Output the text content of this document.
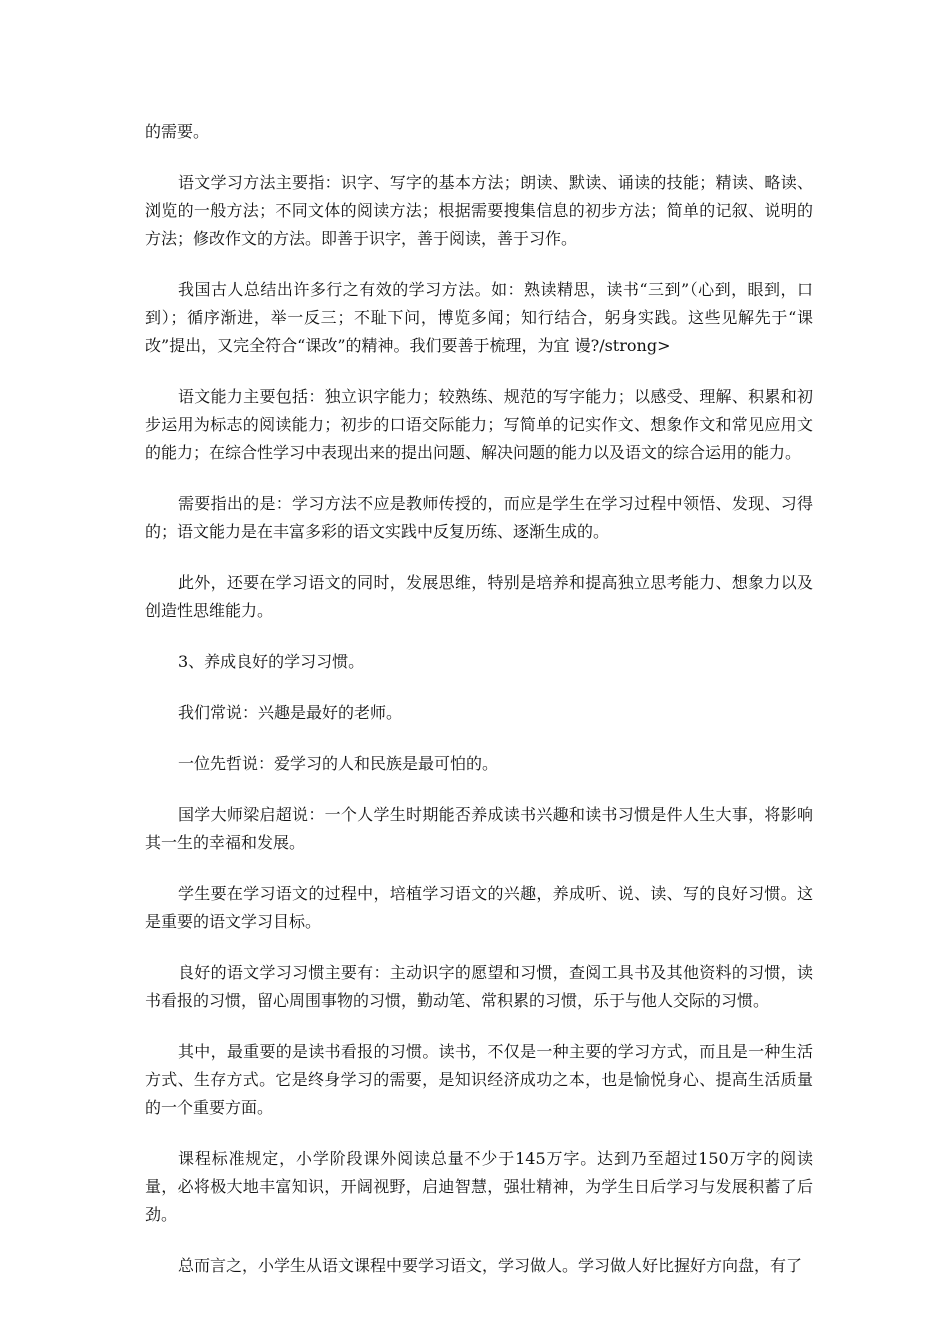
的需要。

语文学习方法主要指：识字、写字的基本方法；朗读、默读、诵读的技能；精读、略读、浏览的一般方法；不同文体的阅读方法；根据需要搜集信息的初步方法；简单的记叙、说明的方法；修改作文的方法。即善于识字，善于阅读，善于习作。

我国古人总结出许多行之有效的学习方法。如：熟读精思，读书“三到”（心到，眼到，口到）；循序渐进，举一反三；不耻下问，博览多闻；知行结合，躬身实践。这些见解先于“课改”提出，又完全符合“课改”的精神。我们要善于梳理，为宜 谩?/strong>

语文能力主要包括：独立识字能力；较熟练、规范的写字能力；以感受、理解、积累和初步运用为标志的阅读能力；初步的口语交际能力；写简单的记实作文、想象作文和常见应用文的能力；在综合性学习中表现出来的提出问题、解决问题的能力以及语文的综合运用的能力。

需要指出的是：学习方法不应是教师传授的，而应是学生在学习过程中领悟、发现、习得的；语文能力是在丰富多彩的语文实践中反复历练、逐渐生成的。

此外，还要在学习语文的同时，发展思维，特别是培养和提高独立思考能力、想象力以及创造性思维能力。

3、养成良好的学习习惯。

我们常说：兴趣是最好的老师。

一位先哲说：爱学习的人和民族是最可怕的。

国学大师梁启超说：一个人学生时期能否养成读书兴趣和读书习惯是件人生大事，将影响其一生的幸福和发展。

学生要在学习语文的过程中，培植学习语文的兴趣，养成听、说、读、写的良好习惯。这是重要的语文学习目标。

良好的语文学习习惯主要有：主动识字的愿望和习惯，查阅工具书及其他资料的习惯，读书看报的习惯，留心周围事物的习惯，勤动笔、常积累的习惯，乐于与他人交际的习惯。

其中，最重要的是读书看报的习惯。读书，不仅是一种主要的学习方式，而且是一种生活方式、生存方式。它是终身学习的需要，是知识经济成功之本，也是愉悦身心、提高生活质量的一个重要方面。

课程标准规定，小学阶段课外阅读总量不少于145万字。达到乃至超过150万字的阅读量，必将极大地丰富知识，开阔视野，启迪智慧，强壮精神，为学生日后学习与发展积蓄了后劲。

总而言之，小学生从语文课程中要学习语文，学习做人。学习做人好比握好方向盘，有了
